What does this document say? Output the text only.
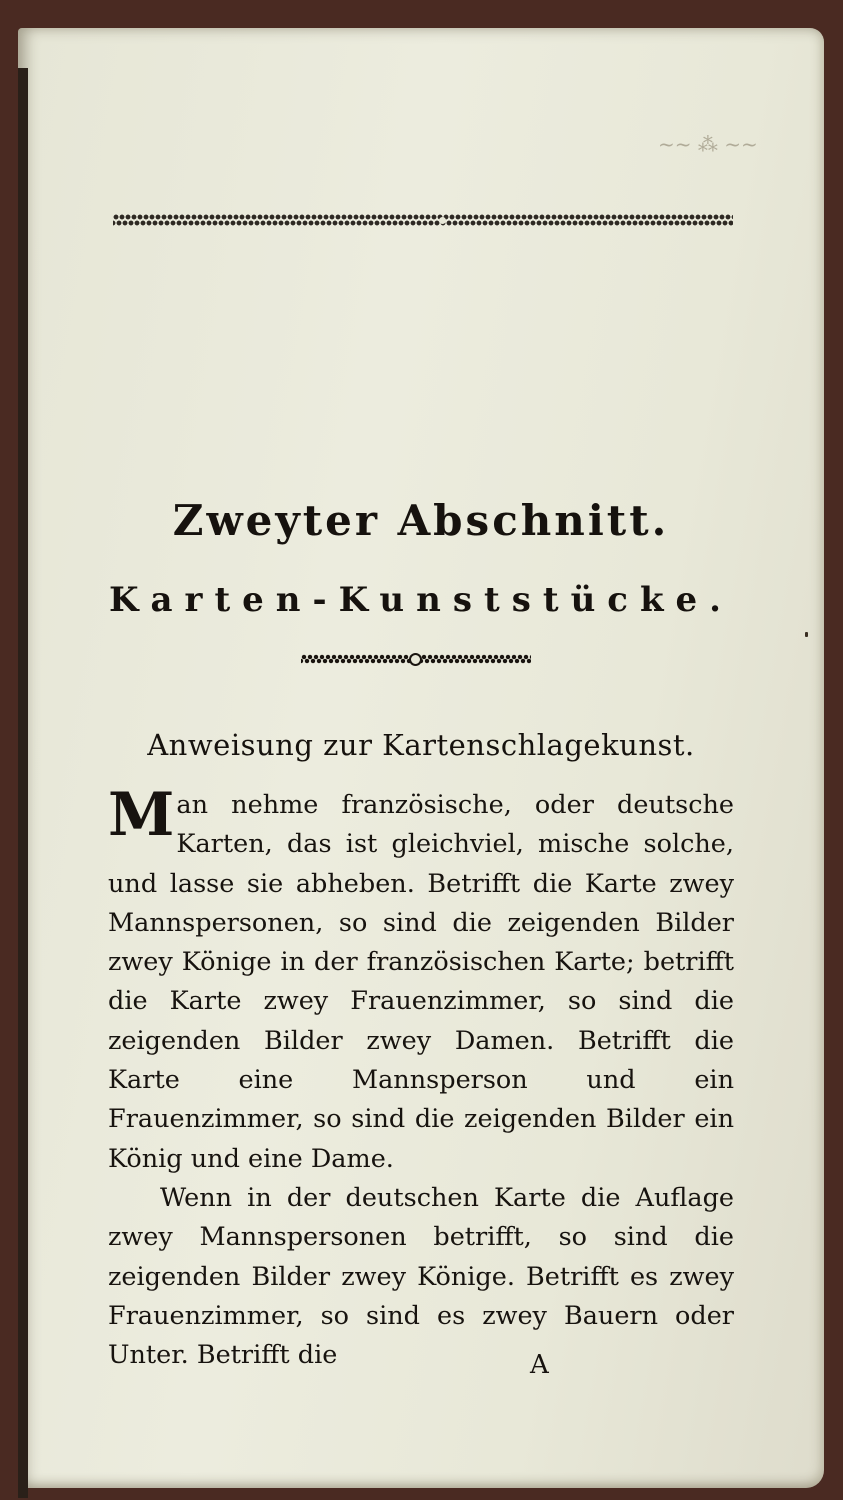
~~ ⁂ ~~
Zweyter Abschnitt.
Karten-Kunststücke.
Anweisung zur Kartenschlagekunst.

Man nehme französische, oder deutsche Karten, das ist gleichviel, mische solche, und lasse sie abheben. Betrifft die Karte zwey Mannspersonen, so sind die zeigenden Bilder zwey Könige in der französischen Karte; betrifft die Karte zwey Frauenzimmer, so sind die zeigenden Bilder zwey Damen. Betrifft die Karte eine Mannsperson und ein Frauenzimmer, so sind die zeigenden Bilder ein König und eine Dame.

Wenn in der deutschen Karte die Auflage zwey Mannspersonen betrifft, so sind die zeigenden Bilder zwey Könige. Betrifft es zwey Frauenzimmer, so sind es zwey Bauern oder Unter. Betrifft die	A
